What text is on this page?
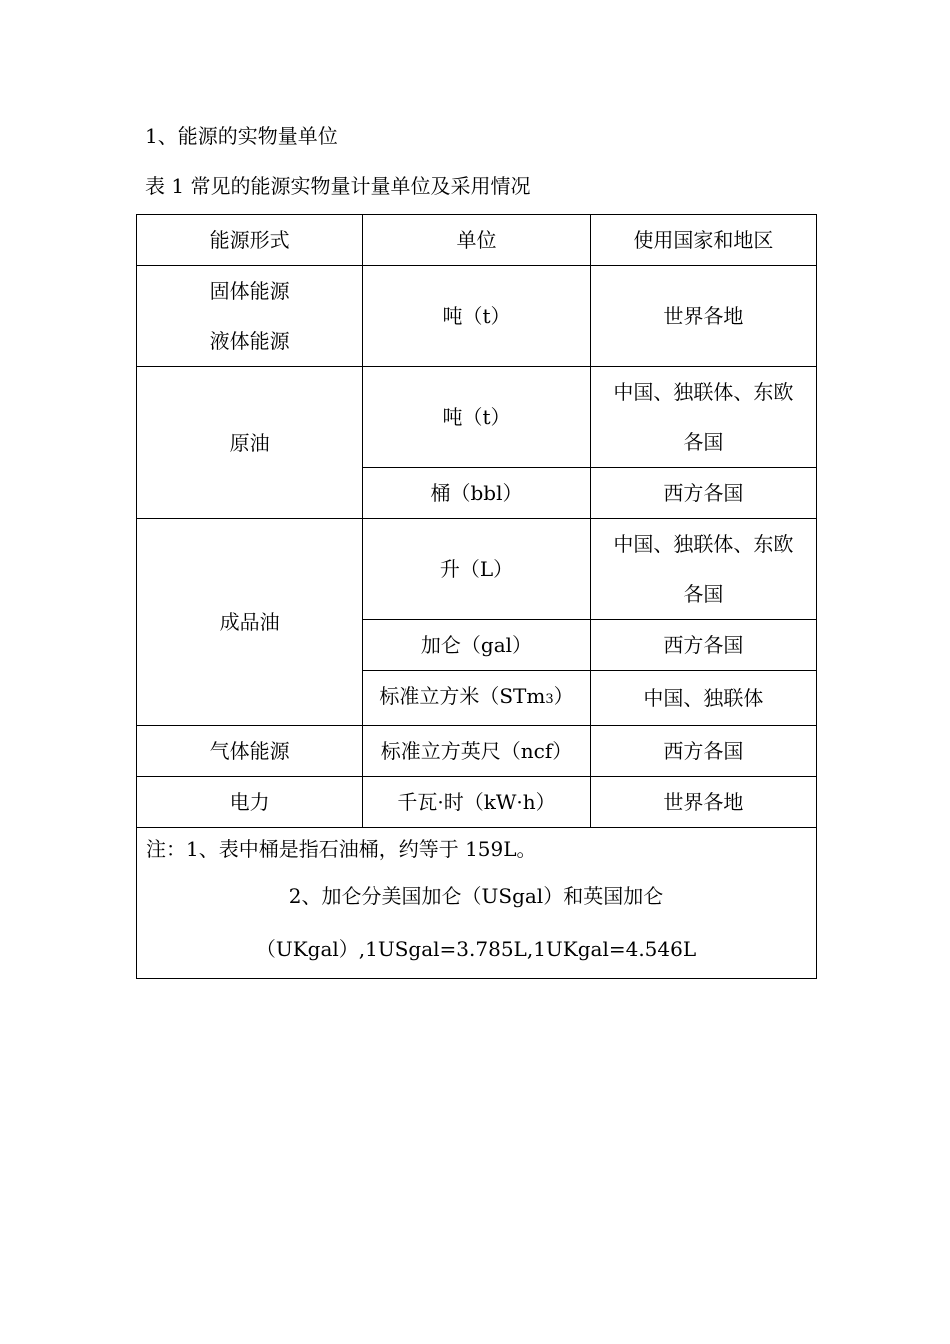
1、能源的实物量单位
表 1 常见的能源实物量计量单位及采用情况
能源形式	单位	使用国家和地区

固体能源
液体能源	吨（t）	世界各地
原油	吨（t）	中国、独联体、东欧
各国

	桶（bbl）	西方各国
成品油	升（L）	中国、独联体、东欧
各国

	加仑（gal）	西方各国
	标准立方米（STm3）	中国、独联体
气体能源	标准立方英尺（ncf）	西方各国
电力	千瓦·时（kW·h）	世界各地

注：1、表中桶是指石油桶，约等于 159L。
2、加仑分美国加仑（USgal）和英国加仑
（UKgal）,1USgal=3.785L,1UKgal=4.546L		
